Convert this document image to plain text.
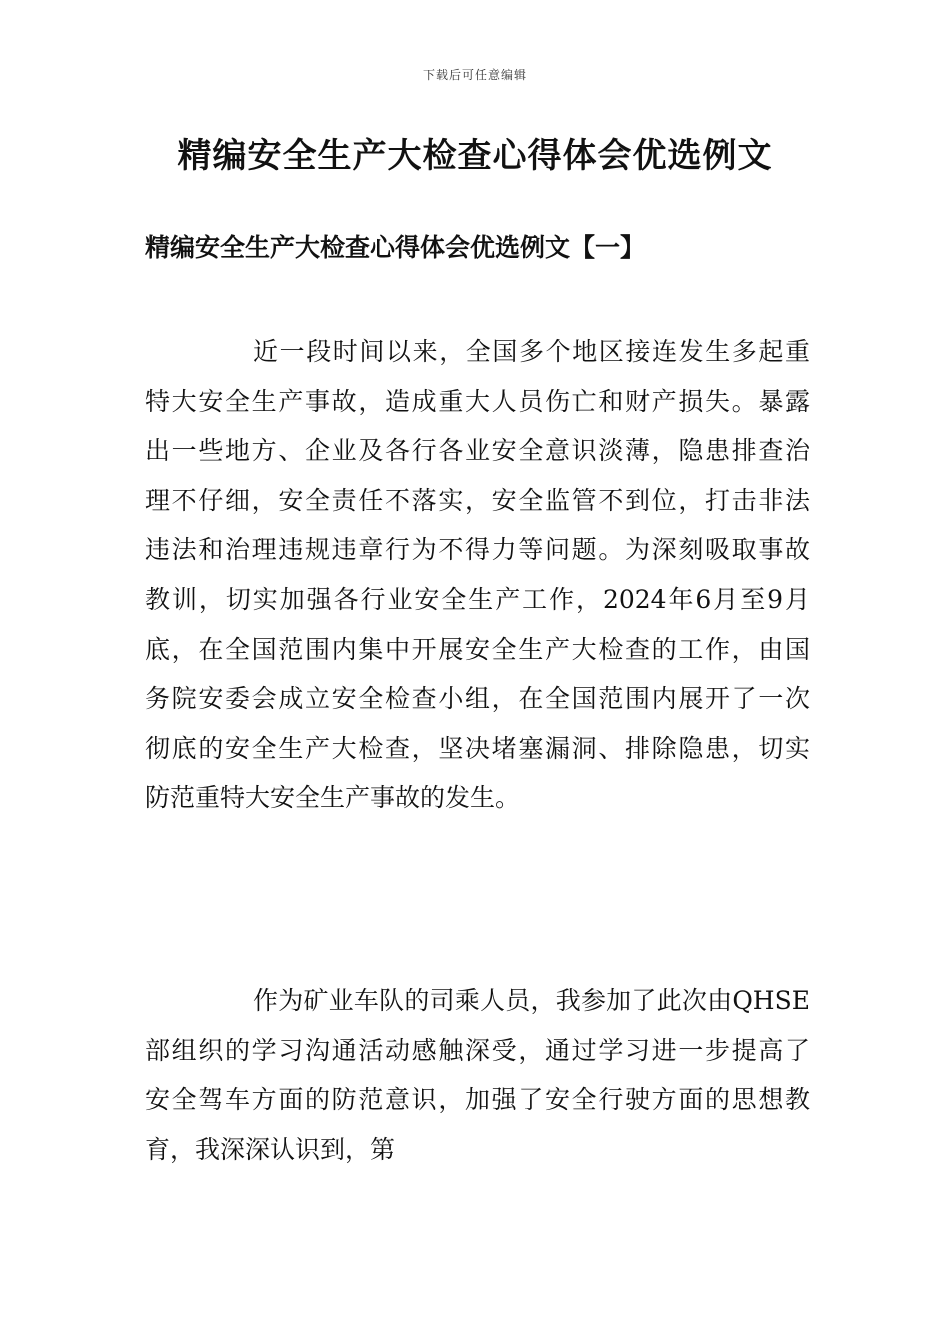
下载后可任意编辑
精编安全生产大检查心得体会优选例文
精编安全生产大检查心得体会优选例文【一】

近一段时间以来，全国多个地区接连发生多起重
特大安全生产事故，造成重大人员伤亡和财产损失。暴露
出一些地方、企业及各行各业安全意识淡薄，隐患排查治
理不仔细，安全责任不落实，安全监管不到位，打击非法
违法和治理违规违章行为不得力等问题。为深刻吸取事故
教训，切实加强各行业安全生产工作，2024年6月至9月
底，在全国范围内集中开展安全生产大检查的工作，由国
务院安委会成立安全检查小组，在全国范围内展开了一次
彻底的安全生产大检查，坚决堵塞漏洞、排除隐患，切实
防范重特大安全生产事故的发生。

作为矿业车队的司乘人员，我参加了此次由QHSE
部组织的学习沟通活动感触深受，通过学习进一步提高了
安全驾车方面的防范意识，加强了安全行驶方面的思想教
育，我深深认识到，第
